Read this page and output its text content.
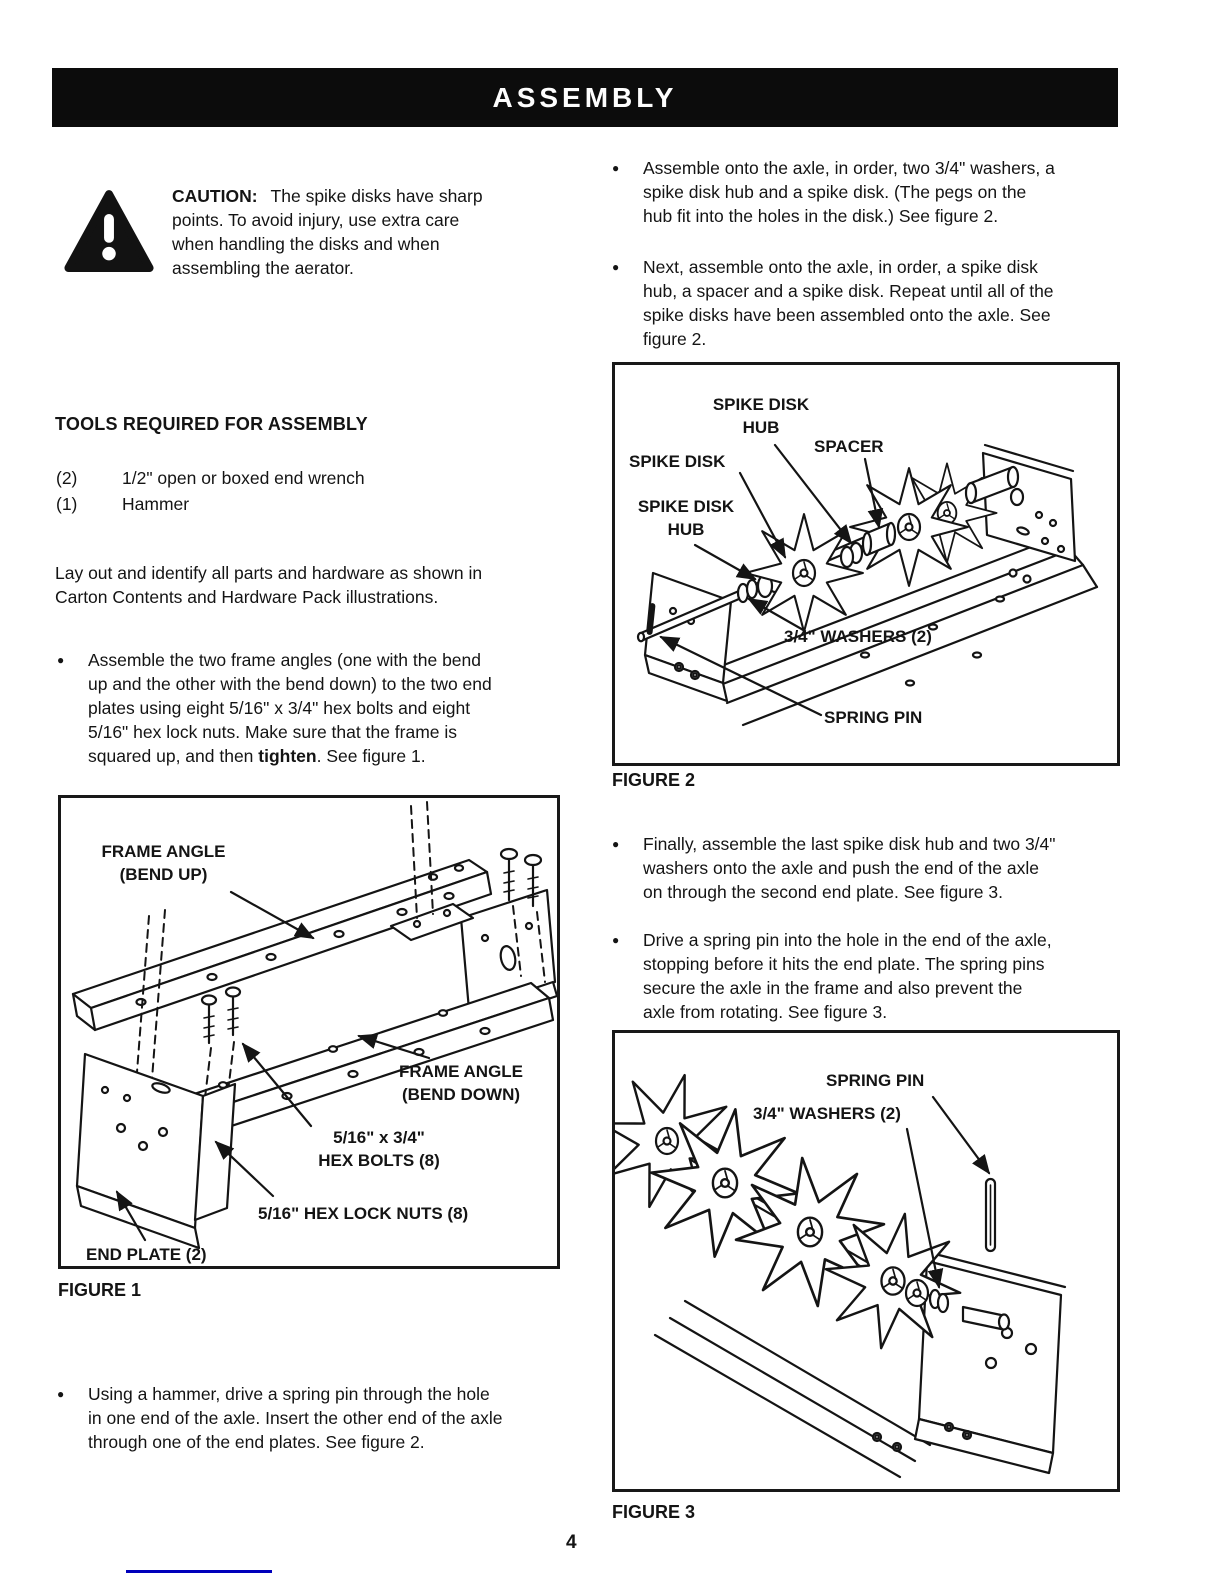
ASSEMBLY
CAUTION: The spike disks have sharp
points. To avoid injury, use extra care
when handling the disks and when
assembling the aerator.
TOOLS REQUIRED FOR ASSEMBLY
(2)	1/2" open or boxed end wrench
(1)	Hammer
Lay out and identify all parts and hardware as shown in
Carton Contents and Hardware Pack illustrations.
●	Assemble the two frame angles (one with the bend
up and the other with the bend down) to the two end
plates using eight 5/16" x 3/4" hex bolts and eight
5/16" hex lock nuts. Make sure that the frame is
squared up, and then tighten. See figure 1.
FRAME ANGLE
(BEND UP)
FRAME ANGLE
(BEND DOWN)
5/16" x 3/4"
HEX BOLTS (8)
5/16" HEX LOCK NUTS (8)
END PLATE (2)
FIGURE 1
●	Using a hammer, drive a spring pin through the hole
in one end of the axle. Insert the other end of the axle
through one of the end plates. See figure 2.
●	Assemble onto the axle, in order, two 3/4" washers, a
spike disk hub and a spike disk. (The pegs on the
hub fit into the holes in the disk.) See figure 2.
●	Next, assemble onto the axle, in order, a spike disk
hub, a spacer and a spike disk. Repeat until all of the
spike disks have been assembled onto the axle. See
figure 2.
SPIKE DISK
HUB
SPACER
SPIKE DISK
SPIKE DISK
HUB
3/4" WASHERS (2)
SPRING PIN
FIGURE 2
●	Finally, assemble the last spike disk hub and two 3/4"
washers onto the axle and push the end of the axle
on through the second end plate. See figure 3.
●	Drive a spring pin into the hole in the end of the axle,
stopping before it hits the end plate. The spring pins
secure the axle in the frame and also prevent the
axle from rotating. See figure 3.
SPRING PIN
3/4" WASHERS (2)
FIGURE 3
4
